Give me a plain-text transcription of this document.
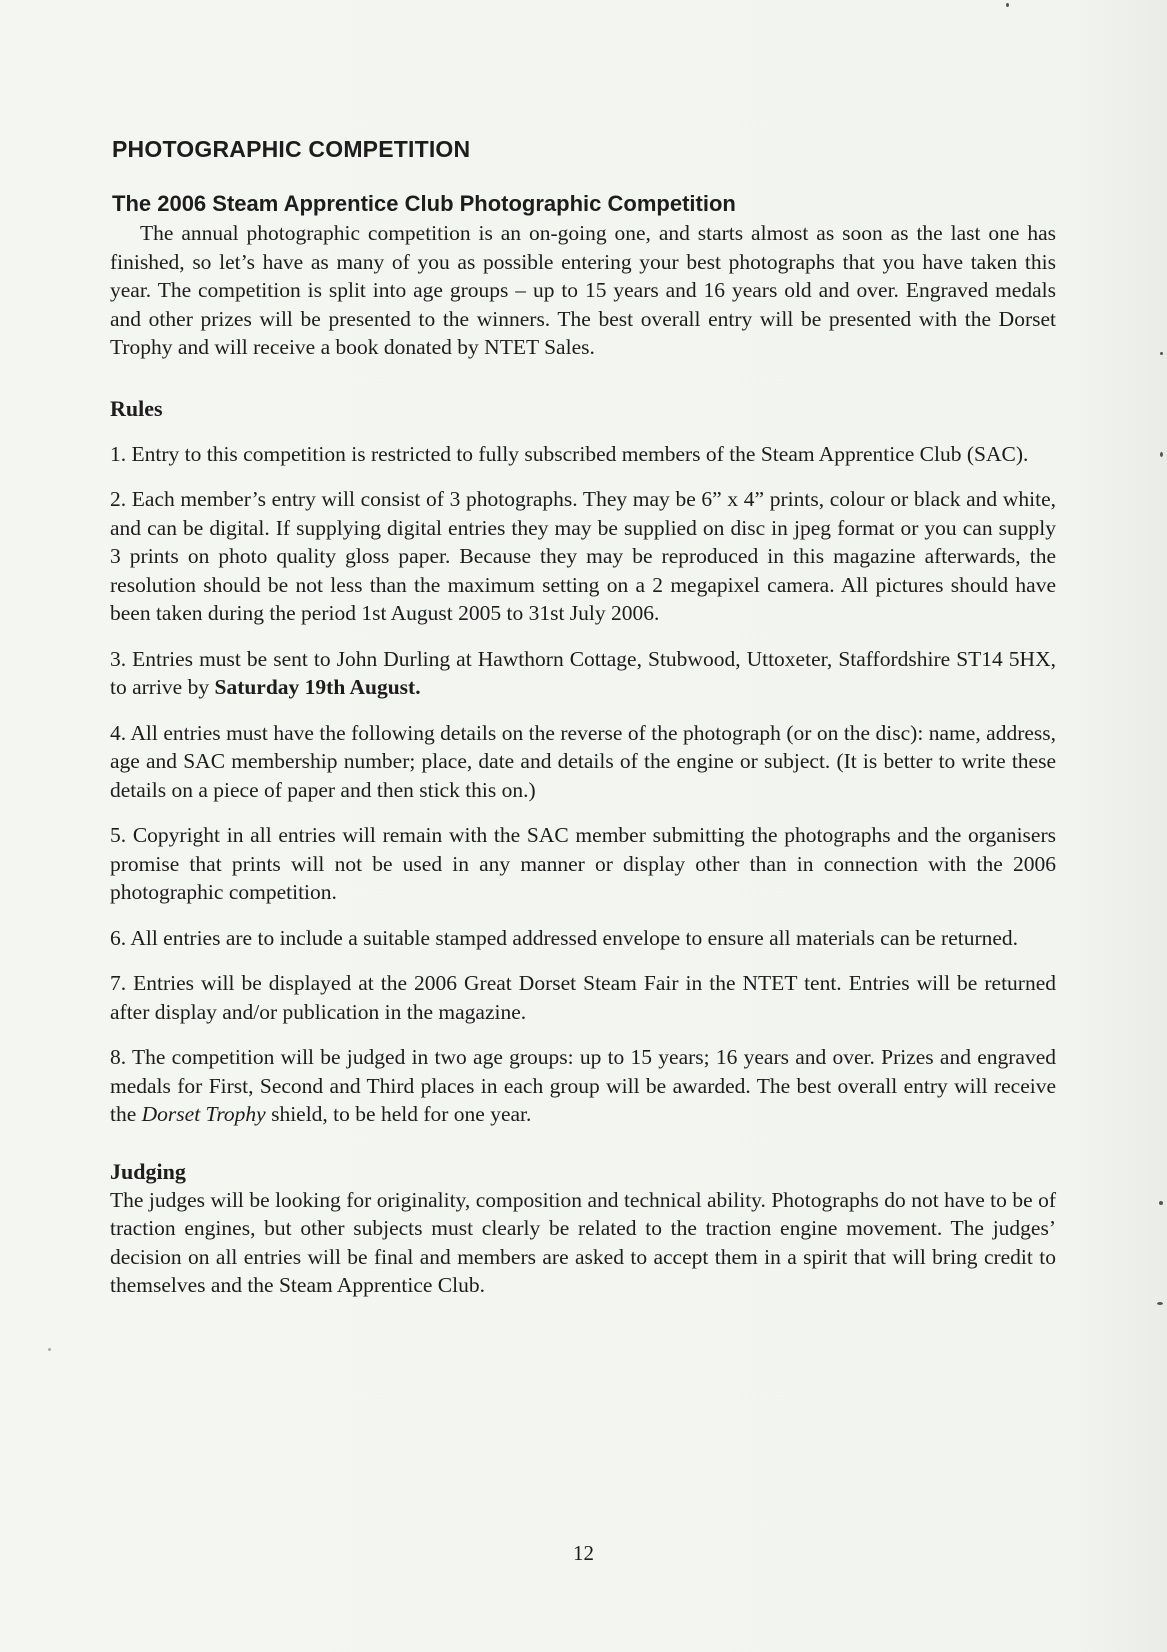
PHOTOGRAPHIC COMPETITION
The 2006 Steam Apprentice Club Photographic Competition

The annual photographic competition is an on-going one, and starts almost as soon as the last one has finished, so let’s have as many of you as possible entering your best photographs that you have taken this year. The competition is split into age groups – up to 15 years and 16 years old and over. Engraved medals and other prizes will be presented to the winners. The best overall entry will be presented with the Dorset Trophy and will receive a book donated by NTET Sales.

Rules

1. Entry to this competition is restricted to fully subscribed members of the Steam Apprentice Club (SAC).

2. Each member’s entry will consist of 3 photographs. They may be 6” x 4” prints, colour or black and white, and can be digital. If supplying digital entries they may be supplied on disc in jpeg format or you can supply 3 prints on photo quality gloss paper. Because they may be reproduced in this magazine afterwards, the resolution should be not less than the maximum setting on a 2 megapixel camera. All pictures should have been taken during the period 1st August 2005 to 31st July 2006.

3. Entries must be sent to John Durling at Hawthorn Cottage, Stubwood, Uttoxeter, Staffordshire ST14 5HX, to arrive by Saturday 19th August.

4. All entries must have the following details on the reverse of the photograph (or on the disc): name, address, age and SAC membership number; place, date and details of the engine or subject. (It is better to write these details on a piece of paper and then stick this on.)

5. Copyright in all entries will remain with the SAC member submitting the photographs and the organisers promise that prints will not be used in any manner or display other than in connection with the 2006 photographic competition.

6. All entries are to include a suitable stamped addressed envelope to ensure all materials can be returned.

7. Entries will be displayed at the 2006 Great Dorset Steam Fair in the NTET tent. Entries will be returned after display and/or publication in the magazine.

8. The competition will be judged in two age groups: up to 15 years; 16 years and over. Prizes and engraved medals for First, Second and Third places in each group will be awarded. The best overall entry will receive the Dorset Trophy shield, to be held for one year.

Judging

The judges will be looking for originality, composition and technical ability. Photographs do not have to be of traction engines, but other subjects must clearly be related to the traction engine movement. The judges’ decision on all entries will be final and members are asked to accept them in a spirit that will bring credit to themselves and the Steam Apprentice Club.

12
